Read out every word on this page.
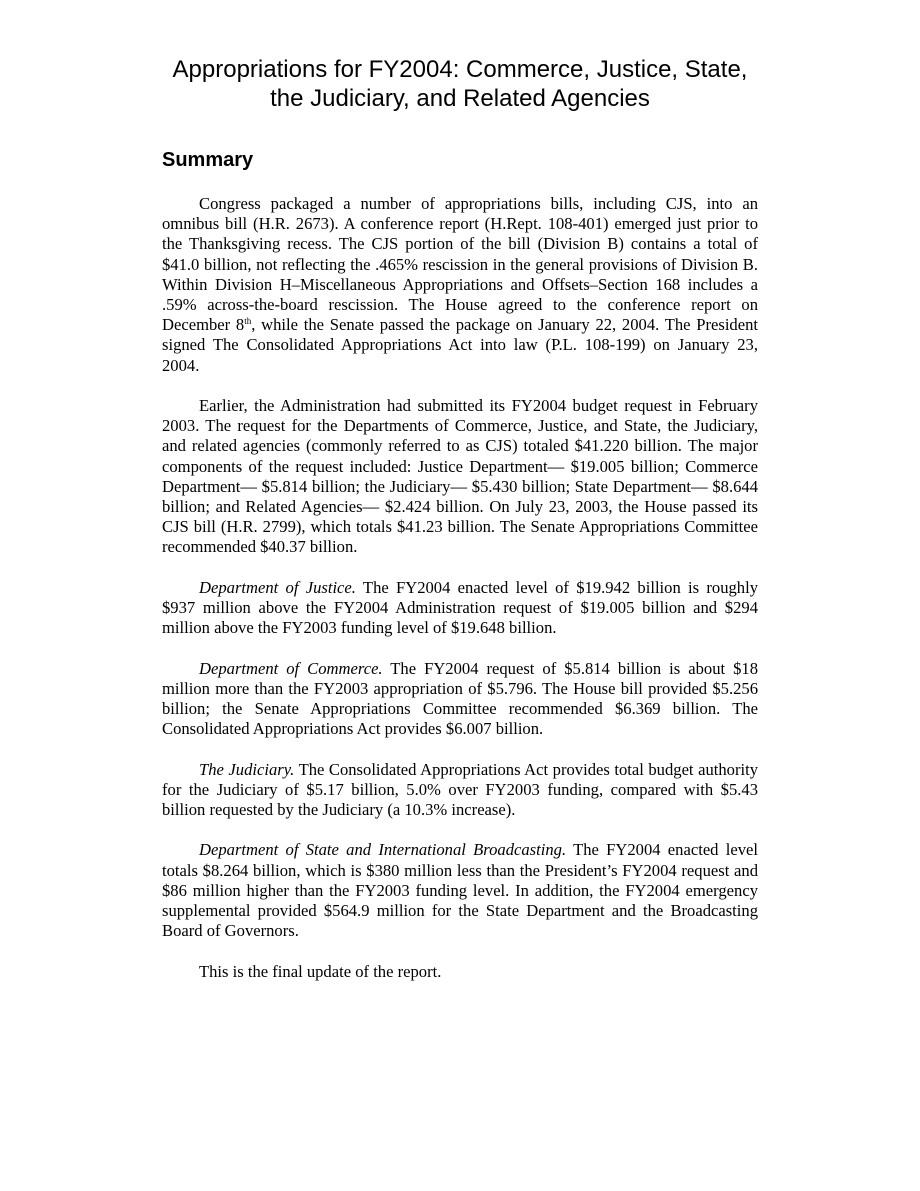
Appropriations for FY2004: Commerce, Justice, State,
the Judiciary, and Related Agencies
Summary

Congress packaged a number of appropriations bills, including CJS, into an omnibus bill (H.R. 2673). A conference report (H.Rept. 108-401) emerged just prior to the Thanksgiving recess. The CJS portion of the bill (Division B) contains a total of $41.0 billion, not reflecting the .465% rescission in the general provisions of Division B. Within Division H–Miscellaneous Appropriations and Offsets–Section 168 includes a .59% across-the-board rescission. The House agreed to the conference report on December 8th, while the Senate passed the package on January 22, 2004. The President signed The Consolidated Appropriations Act into law (P.L. 108-199) on January 23, 2004.

Earlier, the Administration had submitted its FY2004 budget request in February 2003. The request for the Departments of Commerce, Justice, and State, the Judiciary, and related agencies (commonly referred to as CJS) totaled $41.220 billion. The major components of the request included: Justice Department— $19.005 billion; Commerce Department— $5.814 billion; the Judiciary— $5.430 billion; State Department— $8.644 billion; and Related Agencies— $2.424 billion. On July 23, 2003, the House passed its CJS bill (H.R. 2799), which totals $41.23 billion. The Senate Appropriations Committee recommended $40.37 billion.

Department of Justice. The FY2004 enacted level of $19.942 billion is roughly $937 million above the FY2004 Administration request of $19.005 billion and $294 million above the FY2003 funding level of $19.648 billion.

Department of Commerce. The FY2004 request of $5.814 billion is about $18 million more than the FY2003 appropriation of $5.796. The House bill provided $5.256 billion; the Senate Appropriations Committee recommended $6.369 billion. The Consolidated Appropriations Act provides $6.007 billion.

The Judiciary. The Consolidated Appropriations Act provides total budget authority for the Judiciary of $5.17 billion, 5.0% over FY2003 funding, compared with $5.43 billion requested by the Judiciary (a 10.3% increase).

Department of State and International Broadcasting. The FY2004 enacted level totals $8.264 billion, which is $380 million less than the President’s FY2004 request and $86 million higher than the FY2003 funding level. In addition, the FY2004 emergency supplemental provided $564.9 million for the State Department and the Broadcasting Board of Governors.

This is the final update of the report.
